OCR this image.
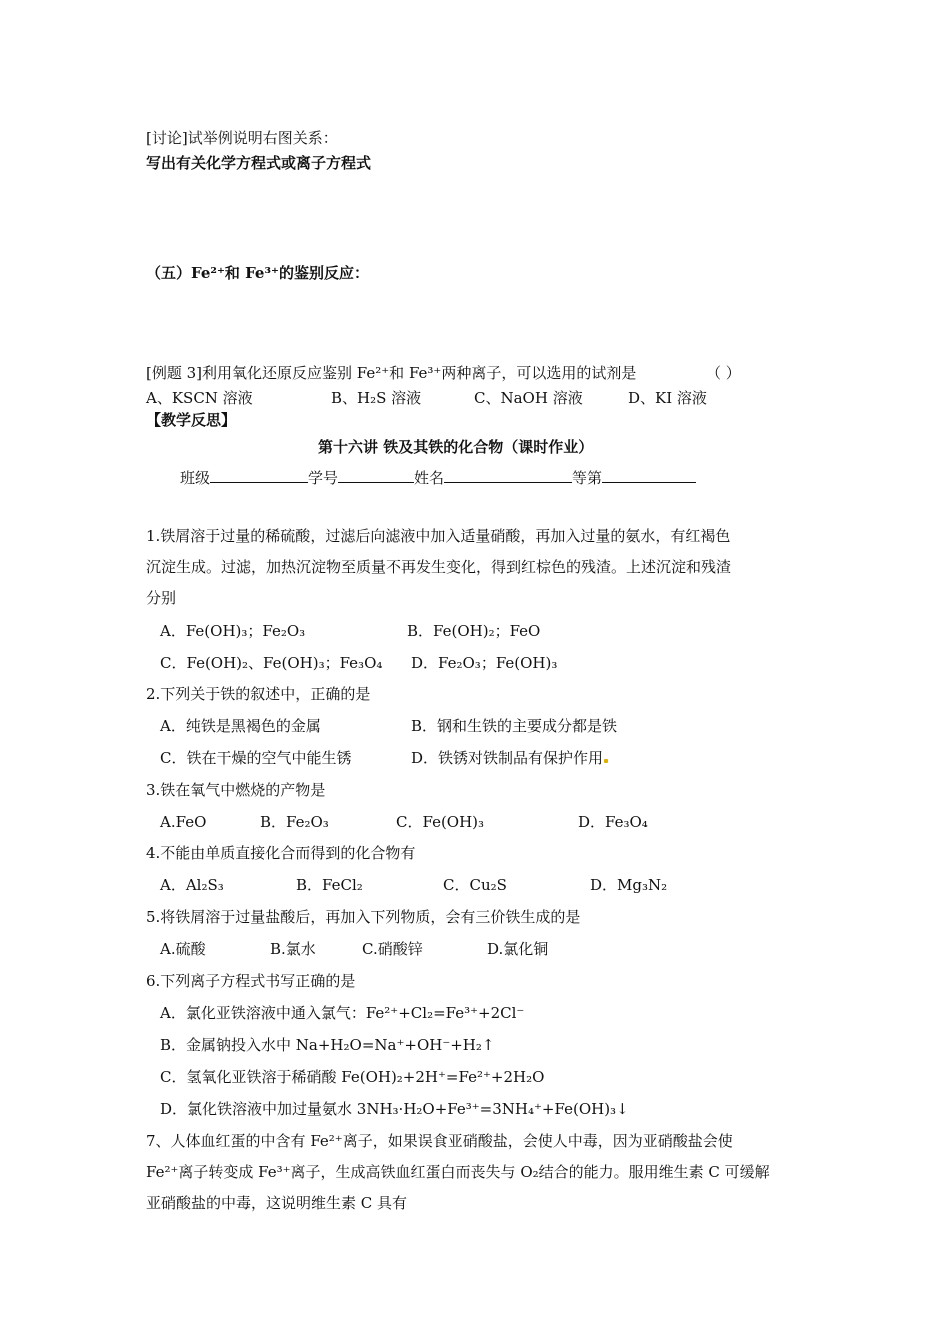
[讨论]试举例说明右图关系：
写出有关化学方程式或离子方程式
（五）Fe²⁺和 Fe³⁺的鉴别反应：
[例题 3]利用氧化还原反应鉴别 Fe²⁺和 Fe³⁺两种离子，可以选用的试剂是	（ ）
A、KSCN 溶液	B、H₂S 溶液	C、NaOH 溶液	D、KI 溶液
【教学反思】
第十六讲 铁及其铁的化合物（课时作业）
班级	学号	姓名	等第
1.铁屑溶于过量的稀硫酸，过滤后向滤液中加入适量硝酸，再加入过量的氨水，有红褐色
沉淀生成。过滤，加热沉淀物至质量不再发生变化，得到红棕色的残渣。上述沉淀和残渣
分别
A．Fe(OH)₃；Fe₂O₃	B．Fe(OH)₂；FeO
C．Fe(OH)₂、Fe(OH)₃；Fe₃O₄ D．Fe₂O₃；Fe(OH)₃
2.下列关于铁的叙述中，正确的是
A．纯铁是黑褐色的金属	B．钢和生铁的主要成分都是铁
C．铁在干燥的空气中能生锈	D．铁锈对铁制品有保护作用
3.铁在氧气中燃烧的产物是
A.FeO	B．Fe₂O₃	C．Fe(OH)₃	D．Fe₃O₄
4.不能由单质直接化合而得到的化合物有
A．Al₂S₃	B．FeCl₂	C．Cu₂S	D．Mg₃N₂
5.将铁屑溶于过量盐酸后，再加入下列物质，会有三价铁生成的是
A.硫酸	B.氯水	C.硝酸锌	D.氯化铜
6.下列离子方程式书写正确的是
A．氯化亚铁溶液中通入氯气：Fe²⁺+Cl₂=Fe³⁺+2Cl⁻
B．金属钠投入水中 Na+H₂O=Na⁺+OH⁻+H₂↑
C．氢氧化亚铁溶于稀硝酸 Fe(OH)₂+2H⁺=Fe²⁺+2H₂O
D．氯化铁溶液中加过量氨水 3NH₃·H₂O+Fe³⁺=3NH₄⁺+Fe(OH)₃↓
7、人体血红蛋的中含有 Fe²⁺离子，如果误食亚硝酸盐，会使人中毒，因为亚硝酸盐会使
Fe²⁺离子转变成 Fe³⁺离子，生成高铁血红蛋白而丧失与 O₂结合的能力。服用维生素 C 可缓解
亚硝酸盐的中毒，这说明维生素 C 具有
